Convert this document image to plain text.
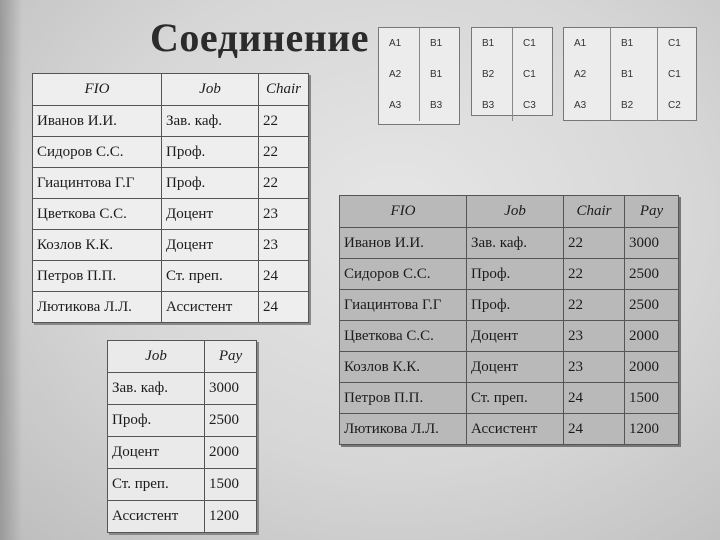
Соединение A1	B1
A2	B1
A3	B3
B1	C1
B2	C1
B3	C3
A1	B1	C1
A2	B1	C1
A3	B2	C2
FIO	Job	Chair
Иванов И.И.	Зав. каф.	22
Сидоров С.С.	Проф.	22
Гиацинтова Г.Г	Проф.	22
Цветкова С.С.	Доцент	23
Козлов К.К.	Доцент	23
Петров П.П.	Ст. преп.	24
Лютикова Л.Л.	Ассистент	24
Job	Pay
Зав. каф.	3000
Проф.	2500
Доцент	2000
Ст. преп.	1500
Ассистент	1200
FIO	Job	Chair	Pay
Иванов И.И.	Зав. каф.	22	3000
Сидоров С.С.	Проф.	22	2500
Гиацинтова Г.Г	Проф.	22	2500
Цветкова С.С.	Доцент	23	2000
Козлов К.К.	Доцент	23	2000
Петров П.П.	Ст. преп.	24	1500
Лютикова Л.Л.	Ассистент	24	1200
